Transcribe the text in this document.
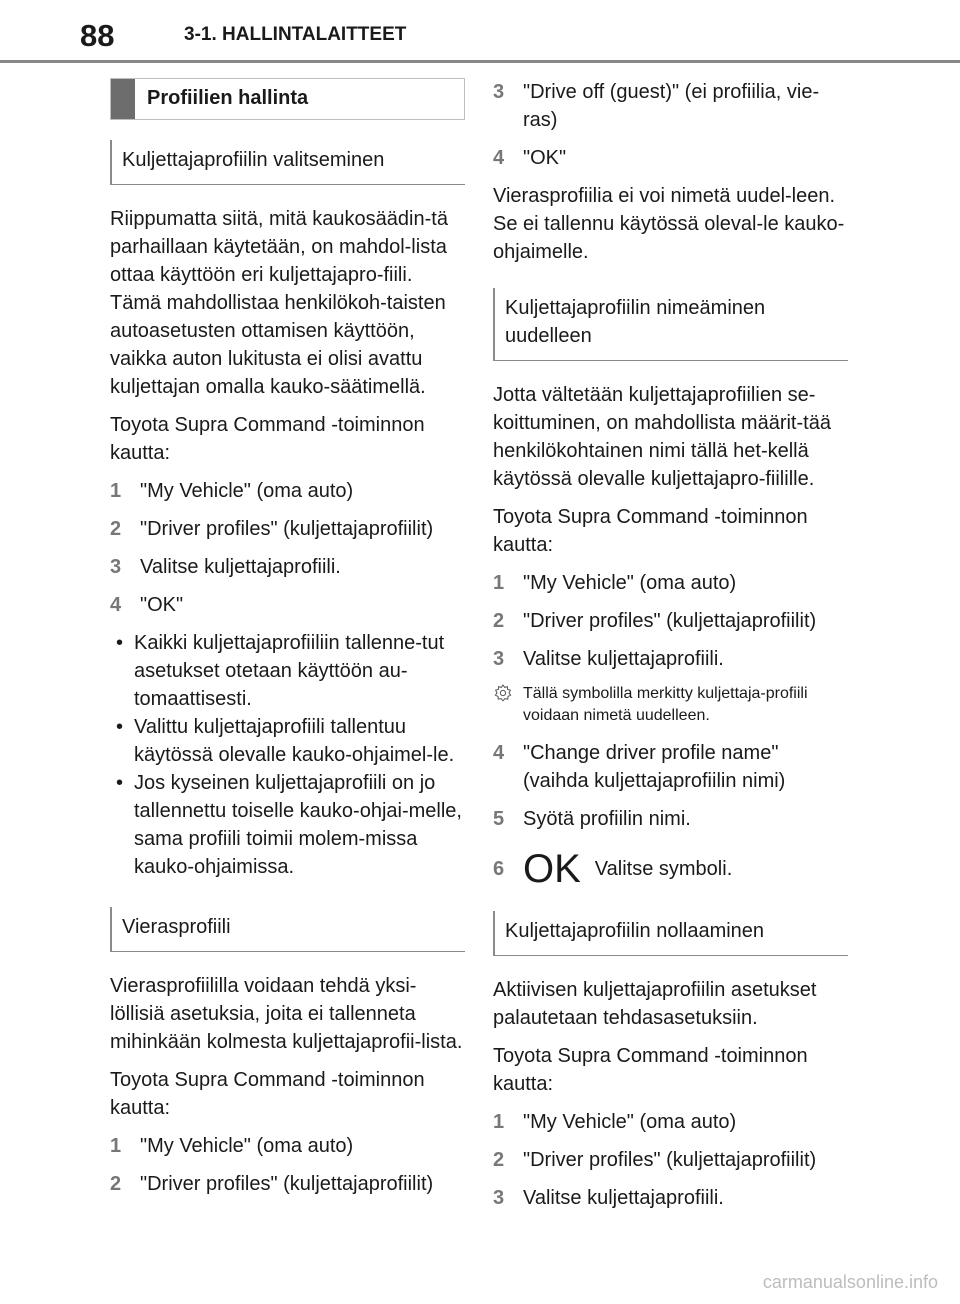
88	3-1. HALLINTALAITTEET
Profiilien hallinta
Kuljettajaprofiilin valitseminen
Riippumatta siitä, mitä kaukosäädin-tä parhaillaan käytetään, on mahdol-lista ottaa käyttöön eri kuljettajapro-fiili. Tämä mahdollistaa henkilökoh-taisten autoasetusten ottamisen käyttöön, vaikka auton lukitusta ei olisi avattu kuljettajan omalla kauko-säätimellä.
Toyota Supra Command -toiminnon kautta:
1 "My Vehicle" (oma auto)
2 "Driver profiles" (kuljettajaprofiilit)
3 Valitse kuljettajaprofiili.
4 "OK"
• Kaikki kuljettajaprofiiliin tallenne-tut asetukset otetaan käyttöön au-tomaattisesti.
• Valittu kuljettajaprofiili tallentuu käytössä olevalle kauko-ohjaimel-le.
• Jos kyseinen kuljettajaprofiili on jo tallennettu toiselle kauko-ohjai-melle, sama profiili toimii molem-missa kauko-ohjaimissa.
Vierasprofiili
Vierasprofiililla voidaan tehdä yksi-löllisiä asetuksia, joita ei tallenneta mihinkään kolmesta kuljettajaprofii-lista.
Toyota Supra Command -toiminnon kautta:
1 "My Vehicle" (oma auto)
2 "Driver profiles" (kuljettajaprofiilit)
3 "Drive off (guest)" (ei profiilia, vie-ras)
4 "OK"
Vierasprofiilia ei voi nimetä uudel-leen. Se ei tallennu käytössä oleval-le kauko-ohjaimelle.
Kuljettajaprofiilin nimeäminen uudelleen
Jotta vältetään kuljettajaprofiilien se-koittuminen, on mahdollista määrit-tää henkilökohtainen nimi tällä het-kellä käytössä olevalle kuljettajapro-fiilille.
Toyota Supra Command -toiminnon kautta:
1 "My Vehicle" (oma auto)
2 "Driver profiles" (kuljettajaprofiilit)
3 Valitse kuljettajaprofiili.
Tällä symbolilla merkitty kuljettaja-profiili voidaan nimetä uudelleen.
4 "Change driver profile name" (vaihda kuljettajaprofiilin nimi)
5 Syötä profiilin nimi.
6 OK Valitse symboli.
Kuljettajaprofiilin nollaaminen
Aktiivisen kuljettajaprofiilin asetukset palautetaan tehdasasetuksiin.
Toyota Supra Command -toiminnon kautta:
1 "My Vehicle" (oma auto)
2 "Driver profiles" (kuljettajaprofiilit)
3 Valitse kuljettajaprofiili.
carmanualsonline.info
